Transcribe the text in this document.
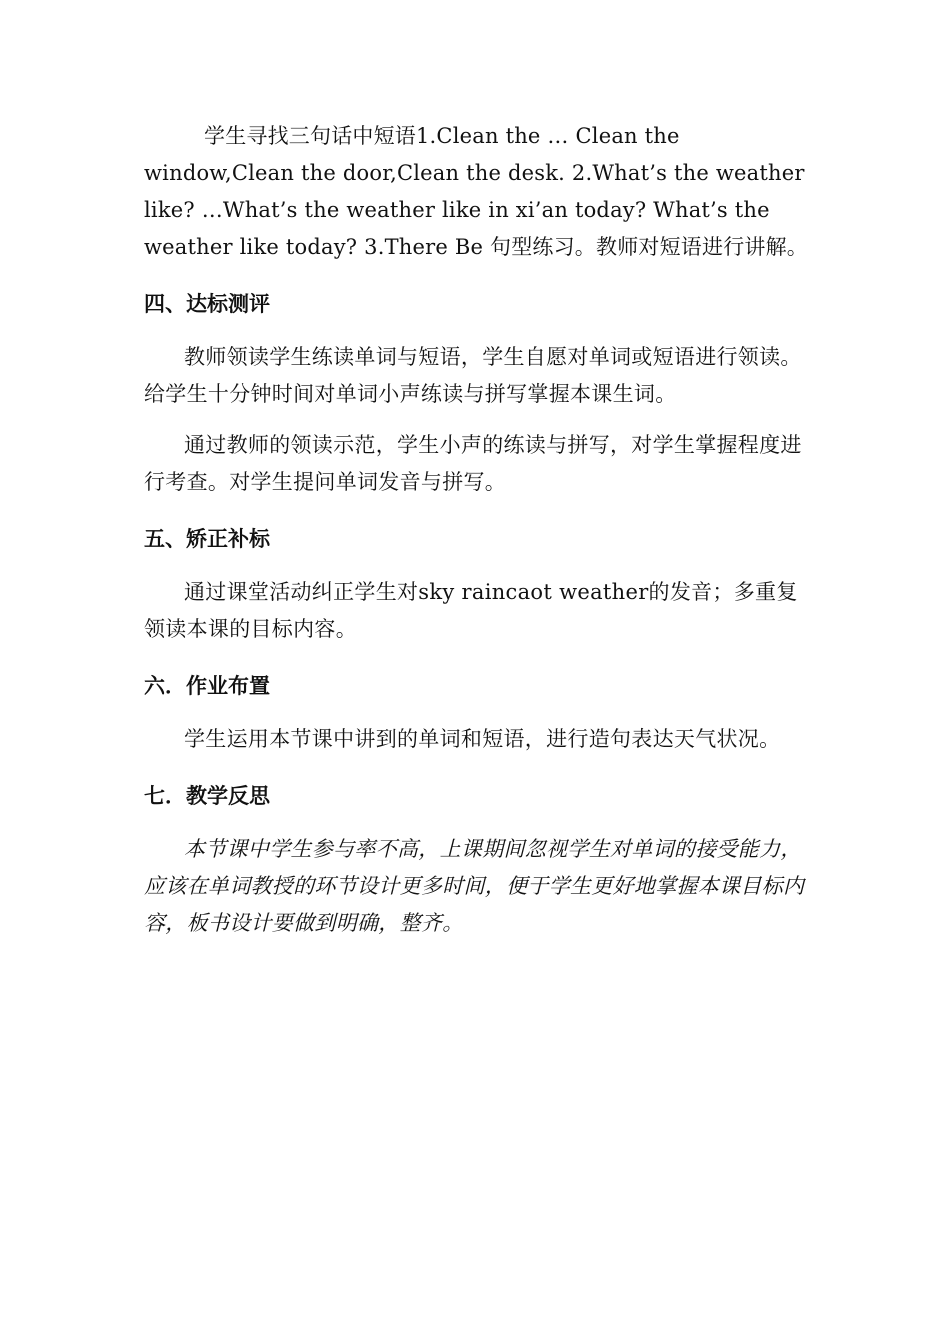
学生寻找三句话中短语1.Clean the … Clean the window,Clean the door,Clean the desk. 2.What’s the weather like? …What’s the weather like in xi’an today? What’s the weather like today? 3.There Be 句型练习。教师对短语进行讲解。

四、达标测评

教师领读学生练读单词与短语，学生自愿对单词或短语进行领读。给学生十分钟时间对单词小声练读与拼写掌握本课生词。

通过教师的领读示范，学生小声的练读与拼写，对学生掌握程度进行考查。对学生提问单词发音与拼写。

五、矫正补标

通过课堂活动纠正学生对sky raincaot weather的发音；多重复领读本课的目标内容。

六．作业布置

学生运用本节课中讲到的单词和短语，进行造句表达天气状况。

七．教学反思

本节课中学生参与率不高，上课期间忽视学生对单词的接受能力，应该在单词教授的环节设计更多时间，便于学生更好地掌握本课目标内容，板书设计要做到明确，整齐。
